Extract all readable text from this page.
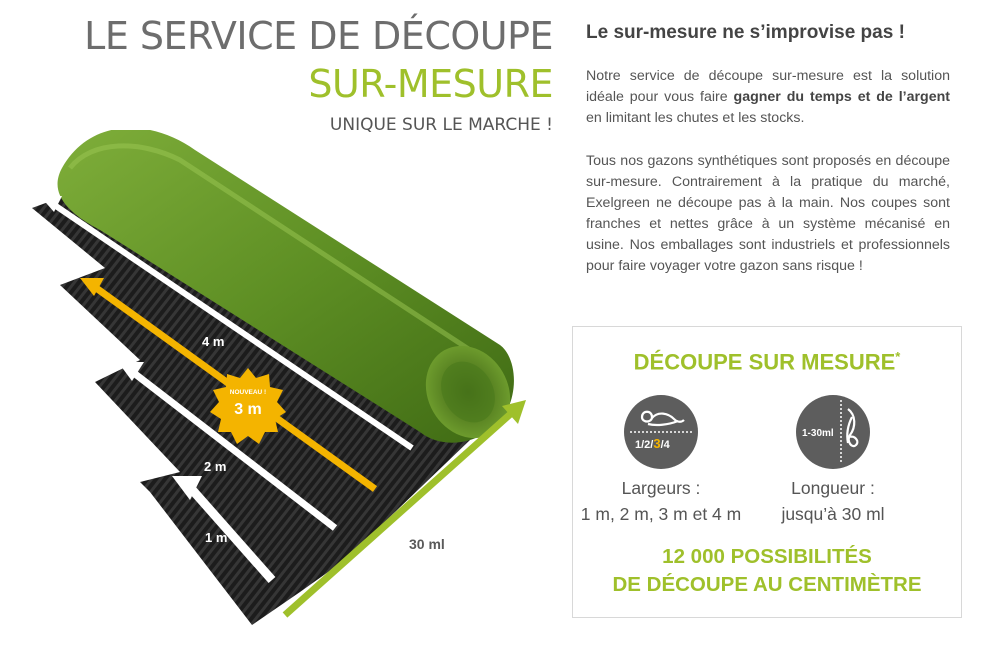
LE SERVICE DE DÉCOUPE
SUR-MESURE
UNIQUE SUR LE MARCHE !
4 m
2 m
1 m	30 ml
NOUVEAU !
3 m
Le sur-mesure ne s’improvise pas !

Notre service de découpe sur-mesure est la solution idéale pour vous faire gagner du temps et de l’argent en limitant les chutes et les stocks.

Tous nos gazons synthétiques sont proposés en découpe sur-mesure. Contrairement à la pratique du marché, Exelgreen ne découpe pas à la main. Nos coupes sont franches et nettes grâce à un système mécanisé en usine. Nos emballages sont industriels et professionnels pour faire voyager votre gazon sans risque !

DÉCOUPE SUR MESURE*
1/2/3/4
1-30ml
Largeurs :
1 m, 2 m, 3 m et 4 m
Longueur :
jusqu’à 30 ml
12 000 POSSIBILITÉS
DE DÉCOUPE AU CENTIMÈTRE
